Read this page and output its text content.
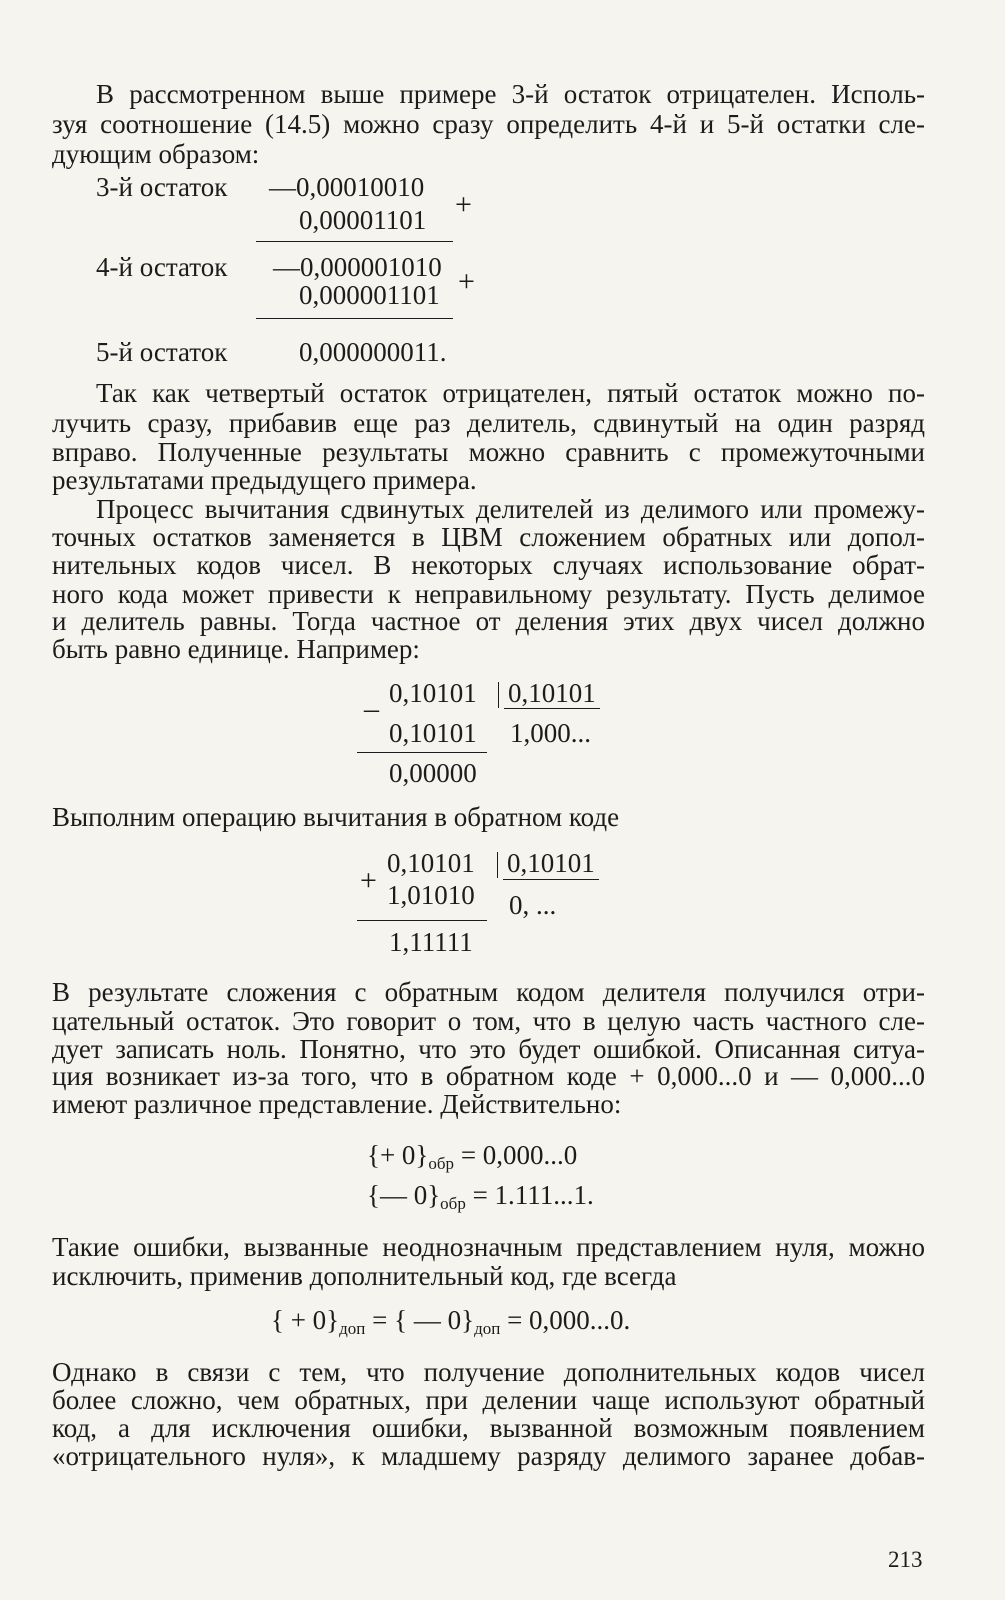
В рассмотренном выше примере 3-й остаток отрицателен. Исполь-
зуя соотношение (14.5) можно сразу определить 4-й и 5-й остатки сле-
дующим образом:
3-й остаток —0,00010010
0,00001101 +
4-й остаток —0,000001010
0,000001101 +
5-й остаток	0,000000011.
Так как четвертый остаток отрицателен, пятый остаток можно по-
лучить сразу, прибавив еще раз делитель, сдвинутый на один разряд
вправо. Полученные результаты можно сравнить с промежуточными
результатами предыдущего примера.
Процесс вычитания сдвинутых делителей из делимого или промежу-
точных остатков заменяется в ЦВМ сложением обратных или допол-
нительных кодов чисел. В некоторых случаях использование обрат-
ного кода может привести к неправильному результату. Пусть делимое
и делитель равны. Тогда частное от деления этих двух чисел должно
быть равно единице. Например:
_ 0,10101 0,10101
0,10101 1,000...
0,00000
Выполним операцию вычитания в обратном коде
+
0,10101 0,10101
1,01010 0, ...
1,11111
В результате сложения с обратным кодом делителя получился отри-
цательный остаток. Это говорит о том, что в целую часть частного сле-
дует записать ноль. Понятно, что это будет ошибкой. Описанная ситуа-
ция возникает из-за того, что в обратном коде + 0,000...0 и — 0,000...0
имеют различное представление. Действительно:
{+ $0\}_{обр} = 0,000...0$
{— $0\}_{обр} = 1.111...1$.
Такие ошибки, вызванные неоднозначным представлением нуля, можно
исключить, применив дополнительный код, где всегда
{ + $0\}_{доп}$ = { — $0\}_{доп} = 0,000...0$.
Однако в связи с тем, что получение дополнительных кодов чисел
более сложно, чем обратных, при делении чаще используют обратный
код, а для исключения ошибки, вызванной возможным появлением
«отрицательного нуля», к младшему разряду делимого заранее добав-
213
